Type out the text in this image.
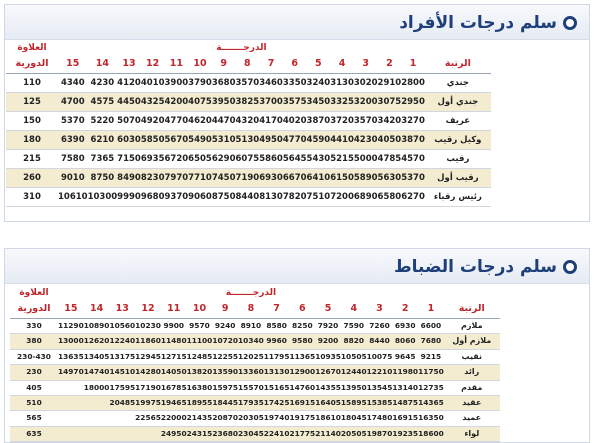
سلم درجات الأفراد
العلاوة	الدرجـــــــة															
الدورية	15	14	13	12	11	10	9	8	7	6	5	4	3	2	1	الرتبة
110	4340	4230	4120	4010	3900	3790	3680	3570	3460	3350	3240	3130	3020	2910	2800	جندي
125	4700	4575	4450	4325	4200	4075	3950	3825	3700	3575	3450	3325	3200	3075	2950	جندي أول
150	5370	5220	5070	4920	4770	4620	4470	4320	4170	4020	3870	3720	3570	3420	3270	عريف
180	6390	6210	6030	5850	5670	5490	5310	5130	4950	4770	4590	4410	4230	4050	3870	وكيل رقيب
215	7580	7365	7150	6935	6720	6505	6290	6075	5860	5645	5430	5215	5000	4785	4570	رقيب
260	9010	8750	8490	8230	7970	7710	7450	7190	6930	6670	6410	6150	5890	5630	5370	رقيب أول
310	10610	10300	9990	9680	9370	9060	8750	8440	8130	7820	7510	7200	6890	6580	6270	رئيس رقباء
سلم درجات الضباط
العلاوة	الدرجـــــــة															
الدورية	15	14	13	12	11	10	9	8	7	6	5	4	3	2	1	الرتبة
330	11290	10890	10560	10230	9900	9570	9240	8910	8580	8250	7920	7590	7260	6930	6600	ملازم
380	13000	12620	12240	11860	11480	11100	10720	10340	9960	9580	9200	8820	8440	8060	7680	ملازم أول
230-430	13635	13405	13175	12945	12715	12485	12255	12025	11795	11365	10935	10505	10075	9645	9215	نقيب
230	14970	14740	14510	14280	14050	13820	13590	13360	13130	12900	12670	12440	12210	11980	11750	رائد
405		18000	17595	17190	16785	16380	15975	15570	15165	14760	14355	13950	13545	13140	12735	مقدم
510			20485	19975	19465	18955	18445	17935	17425	16915	16405	15895	15385	14875	14365	عقيد
565				22565	22000	21435	20870	20305	19740	19175	18610	18045	17480	16915	16350	عميد
635					24950	24315	23680	23045	22410	21775	21140	20505	19870	19235	18600	لواء
